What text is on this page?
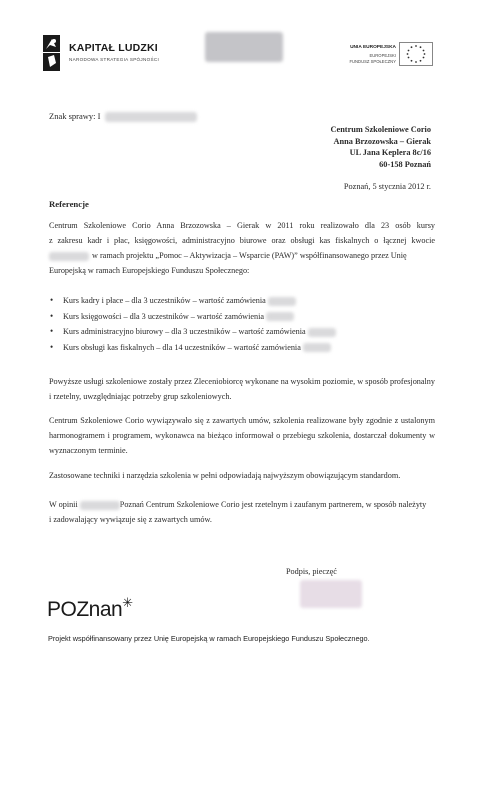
KAPITAŁ LUDZKI
NARODOWA STRATEGIA SPÓJNOŚCI
UNIA EUROPEJSKA
EUROPEJSKI
FUNDUSZ SPOŁECZNY
Znak sprawy: I
Centrum Szkoleniowe Corio
Anna Brzozowska – Gierak
UL Jana Keplera 8c/16
60-158 Poznań
Poznań, 5 stycznia 2012 r.
Referencje
Centrum Szkoleniowe Corio Anna Brzozowska – Gierak w 2011 roku realizowało dla 23 osób kursy
z zakresu kadr i płac, księgowości, administracyjno biurowe oraz obsługi kas fiskalnych o łącznej kwocie
w ramach projektu „Pomoc – Aktywizacja – Wsparcie (PAW)” współfinansowanego przez Unię
Europejską w ramach Europejskiego Funduszu Społecznego:
• Kurs kadry i płace – dla 3 uczestników – wartość zamówienia
• Kurs księgowości – dla 3 uczestników – wartość zamówienia
• Kurs administracyjno biurowy – dla 3 uczestników – wartość zamówienia
• Kurs obsługi kas fiskalnych – dla 14 uczestników – wartość zamówienia

Powyższe usługi szkoleniowe zostały przez Zleceniobiorcę wykonane na wysokim poziomie, w sposób profesjonalny i rzetelny, uwzględniając potrzeby grup szkoleniowych.

Centrum Szkoleniowe Corio wywiązywało się z zawartych umów, szkolenia realizowane były zgodnie z ustalonym harmonogramem i programem, wykonawca na bieżąco informował o przebiegu szkolenia, dostarczał dokumenty w wyznaczonym terminie.

Zastosowane techniki i narzędzia szkolenia w pełni odpowiadają najwyższym obowiązującym standardom.

W opinii	Poznań Centrum Szkoleniowe Corio jest rzetelnym i zaufanym partnerem, w sposób należyty
i zadowalający wywiązuje się z zawartych umów.
Podpis, pieczęć
POZnan✳
Projekt współfinansowany przez Unię Europejską w ramach Europejskiego Funduszu Społecznego.
